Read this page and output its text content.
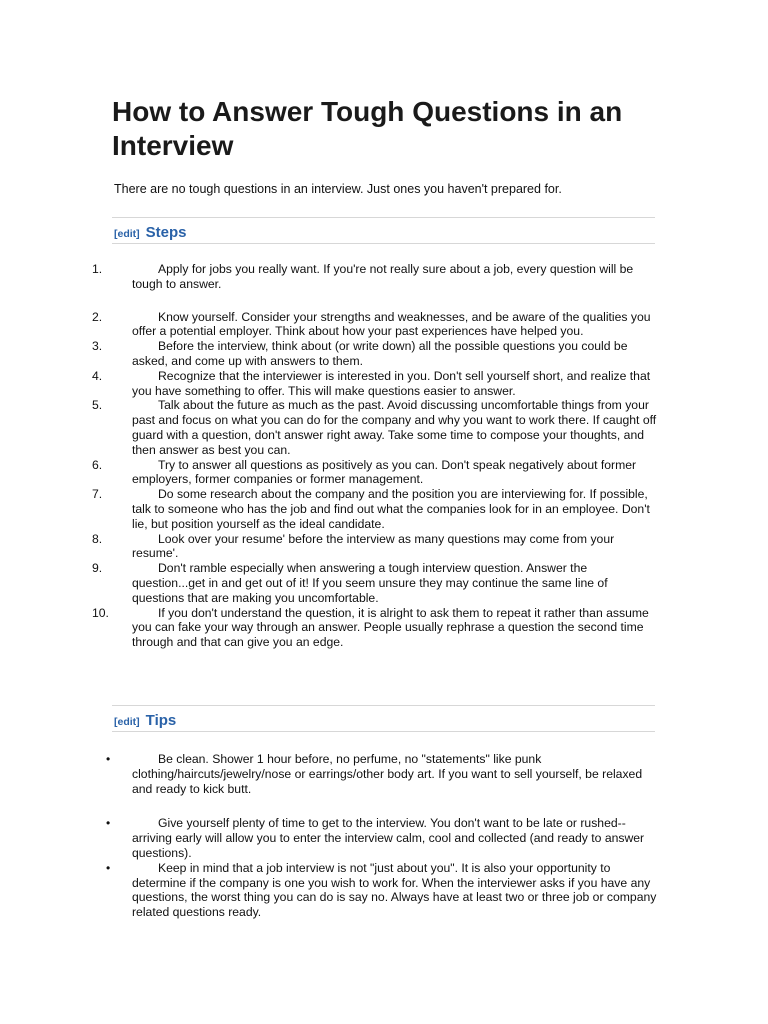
How to Answer Tough Questions in an Interview

There are no tough questions in an interview. Just ones you haven't prepared for.

[edit] Steps
1.	Apply for jobs you really want. If you're not really sure about a job, every question will be tough to answer.
2.	Know yourself. Consider your strengths and weaknesses, and be aware of the qualities you offer a potential employer. Think about how your past experiences have helped you.
3.	Before the interview, think about (or write down) all the possible questions you could be asked, and come up with answers to them.
4.	Recognize that the interviewer is interested in you. Don't sell yourself short, and realize that you have something to offer. This will make questions easier to answer.
5.	Talk about the future as much as the past. Avoid discussing uncomfortable things from your past and focus on what you can do for the company and why you want to work there. If caught off guard with a question, don't answer right away. Take some time to compose your thoughts, and then answer as best you can.
6.	Try to answer all questions as positively as you can. Don't speak negatively about former employers, former companies or former management.
7.	Do some research about the company and the position you are interviewing for. If possible, talk to someone who has the job and find out what the companies look for in an employee. Don't lie, but position yourself as the ideal candidate.
8.	Look over your resume' before the interview as many questions may come from your resume'.
9.	Don't ramble especially when answering a tough interview question. Answer the question...get in and get out of it! If you seem unsure they may continue the same line of questions that are making you uncomfortable.
10.	If you don't understand the question, it is alright to ask them to repeat it rather than assume you can fake your way through an answer. People usually rephrase a question the second time through and that can give you an edge.
[edit] Tips
•	Be clean. Shower 1 hour before, no perfume, no "statements" like punk clothing/haircuts/jewelry/nose or earrings/other body art. If you want to sell yourself, be relaxed and ready to kick butt.
•	Give yourself plenty of time to get to the interview. You don't want to be late or rushed--arriving early will allow you to enter the interview calm, cool and collected (and ready to answer questions).
•	Keep in mind that a job interview is not "just about you". It is also your opportunity to determine if the company is one you wish to work for. When the interviewer asks if you have any questions, the worst thing you can do is say no. Always have at least two or three job or company related questions ready.
